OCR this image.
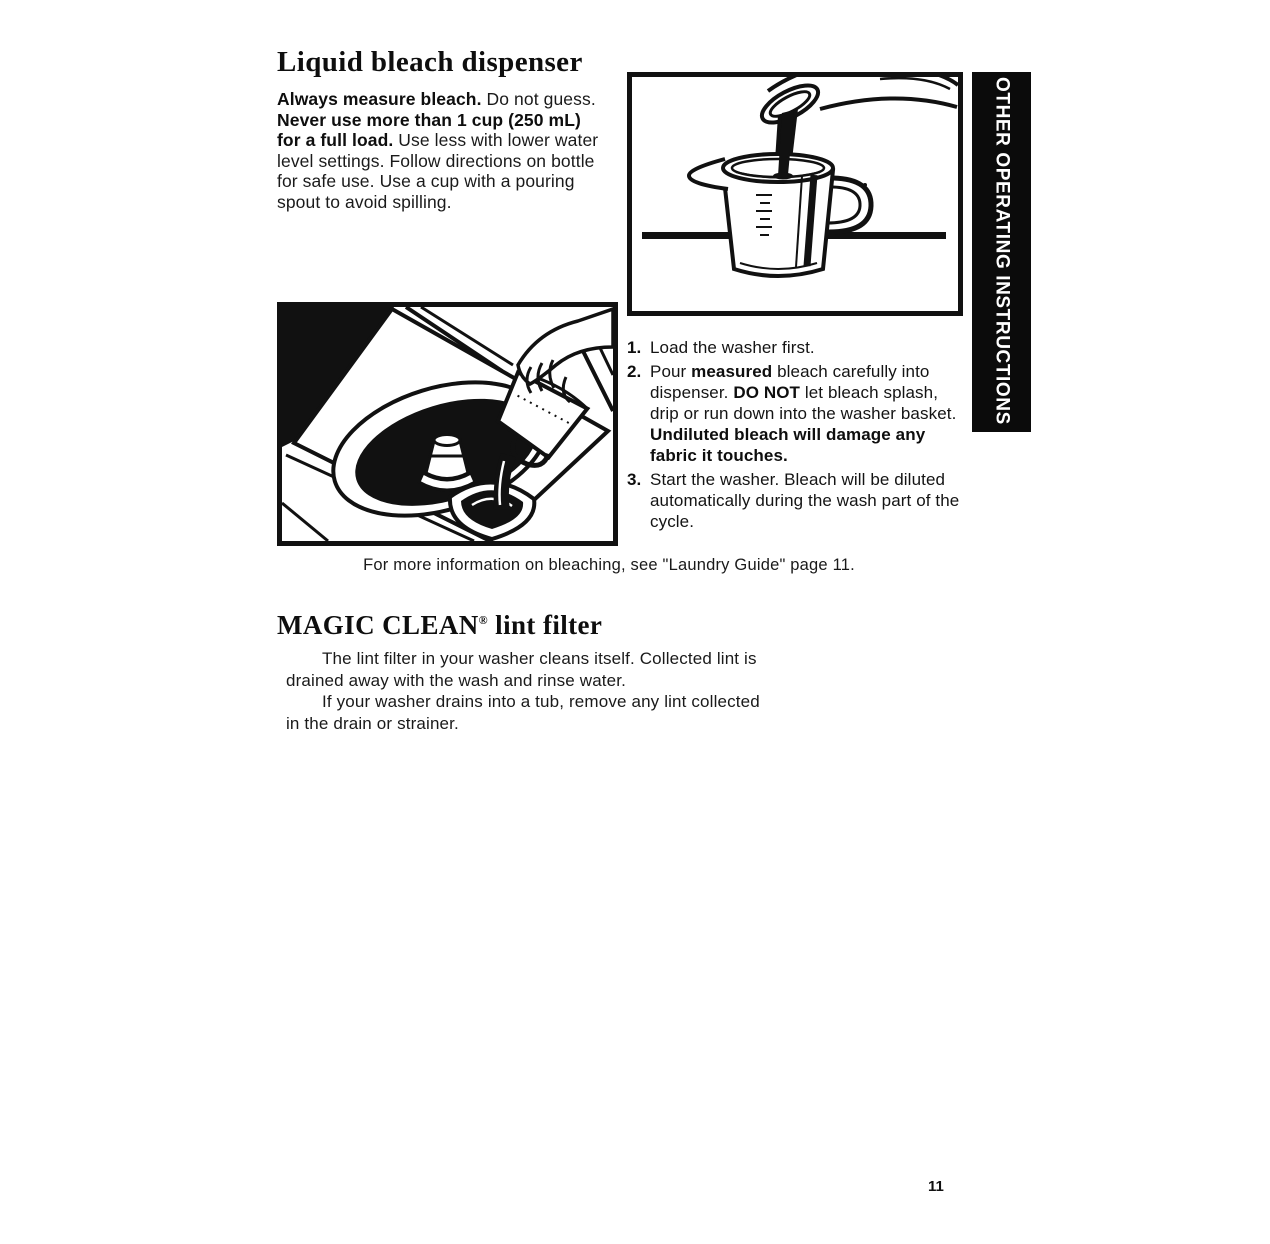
Liquid bleach dispenser

Always measure bleach. Do not guess. Never use more than 1 cup (250 mL) for a full load. Use less with lower water level settings. Follow directions on bottle for safe use. Use a cup with a pouring spout to avoid spilling.	OTHER OPERATING INSTRUCTIONS
1. Load the washer first.
2. Pour measured bleach carefully into dispenser. DO NOT let bleach splash, drip or run down into the washer basket. Undiluted bleach will damage any fabric it touches.
3. Start the washer. Bleach will be diluted automatically during the wash part of the cycle.

For more information on bleaching, see "Laundry Guide" page 11.

MAGIC CLEAN® lint filter

The lint filter in your washer cleans itself. Collected lint is drained away with the wash and rinse water.

If your washer drains into a tub, remove any lint collected in the drain or strainer.

11
